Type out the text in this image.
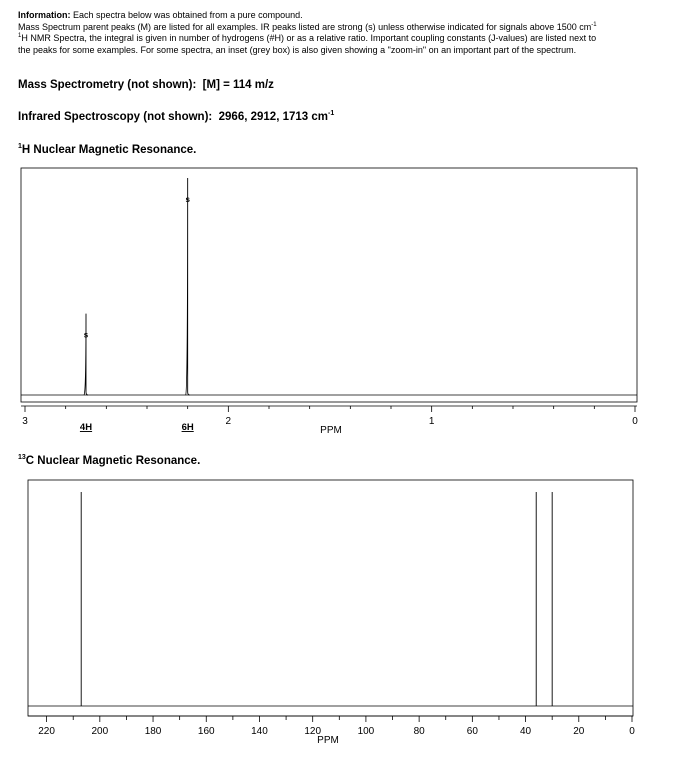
Information: Each spectra below was obtained from a pure compound.
Mass Spectrum parent peaks (M) are listed for all examples. IR peaks listed are strong (s) unless otherwise indicated for signals above 1500 $cm^{-1}$
$^1$H NMR Spectra, the integral is given in number of hydrogens (#H) or as a relative ratio. Important coupling constants (J-values) are listed next to
the peaks for some examples. For some spectra, an inset (grey box) is also given showing a "zoom-in" on an important part of the spectrum.
Mass Spectrometry (not shown): [M] = 114 m/z
Infrared Spectroscopy (not shown): 2966, 2912, 1713 $cm^{-1}$
$^1$H Nuclear Magnetic Resonance.
$^{13}$C Nuclear Magnetic Resonance.
3	2	1	0
PPM
s
4H
s
6H
220	200	180	160	140	120	100	80	60	40	20	0
PPM
